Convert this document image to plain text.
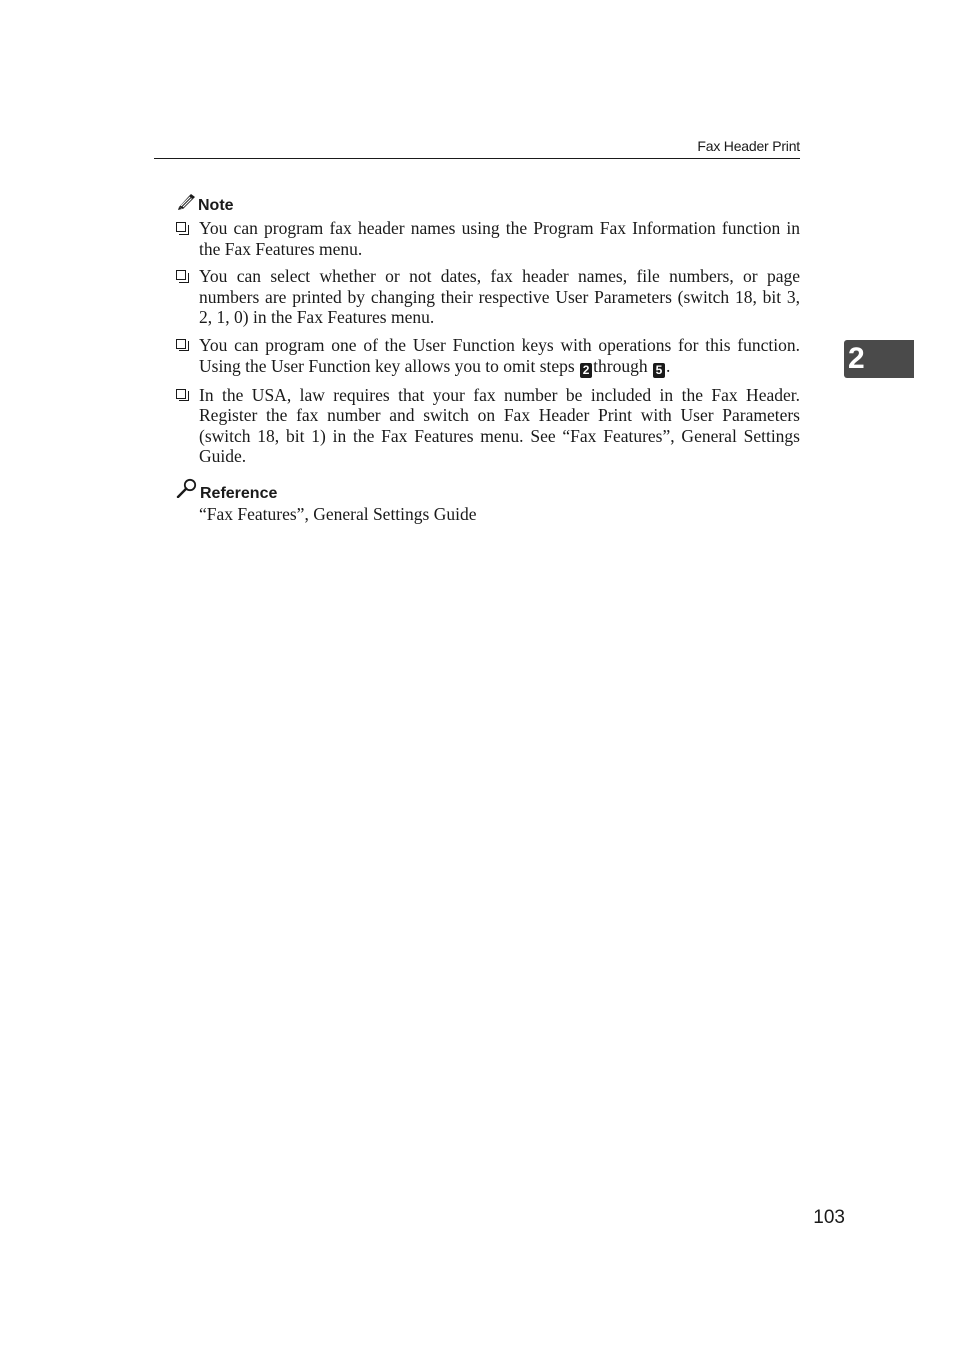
Fax Header Print
2
Note
You can program fax header names using the Program Fax Information function in the Fax Features menu.
You can select whether or not dates, fax header names, file numbers, or page numbers are printed by changing their respective User Parameters (switch 18, bit 3, 2, 1, 0) in the Fax Features menu.
You can program one of the User Function keys with operations for this function. Using the User Function key allows you to omit steps 2 through 5 .
In the USA, law requires that your fax number be included in the Fax Header. Register the fax number and switch on Fax Header Print with User Parameters (switch 18, bit 1) in the Fax Features menu. See “Fax Features”, General Settings Guide.
Reference
“Fax Features”, General Settings Guide
103
